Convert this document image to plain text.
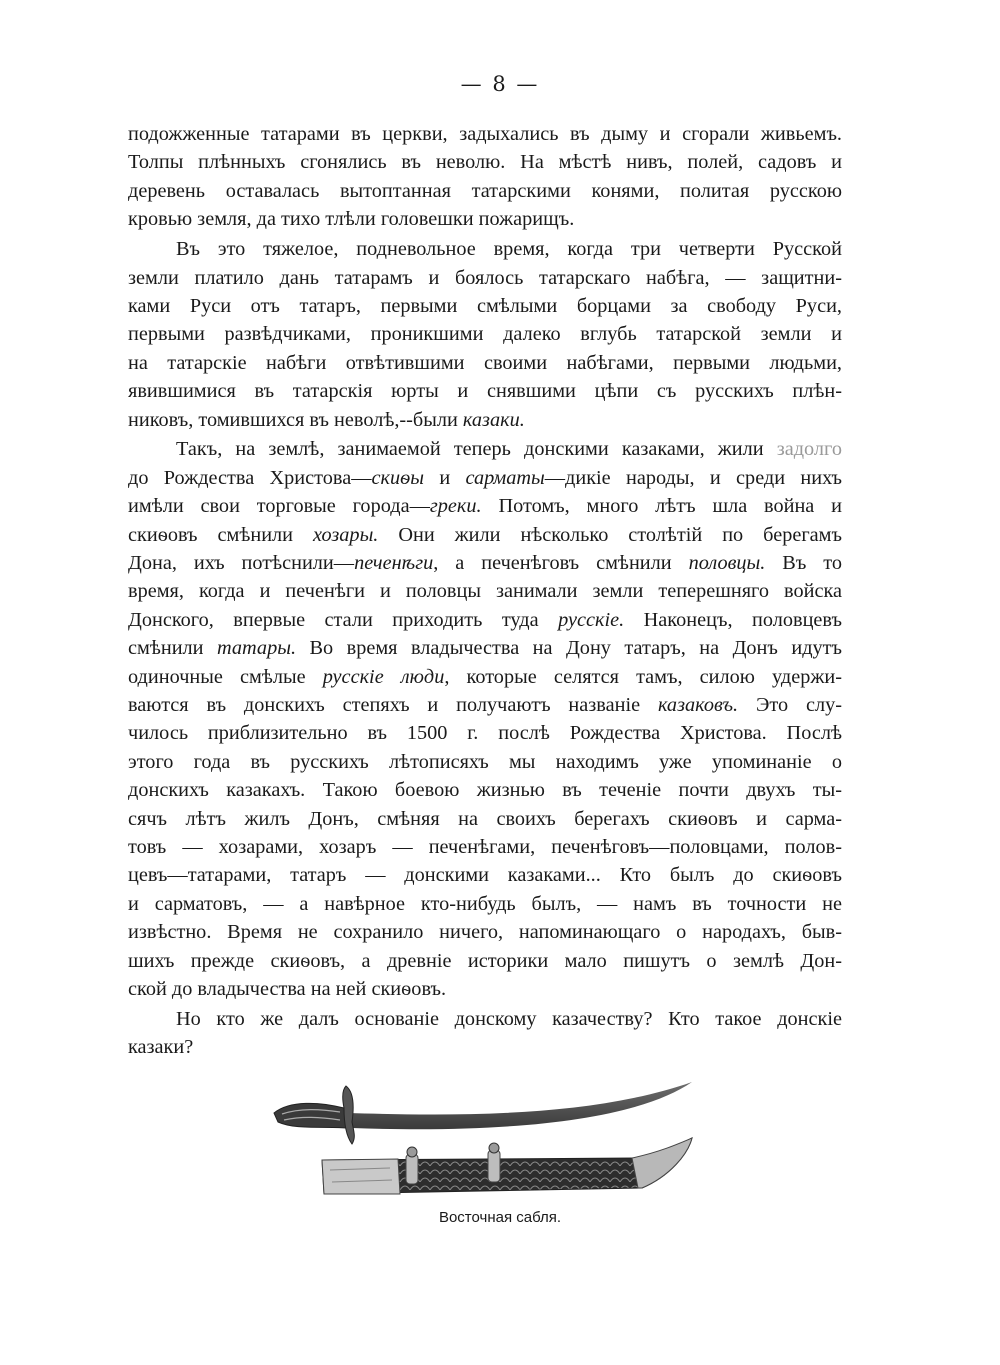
— 8 —
подожженные татарами въ церкви, задыхались въ дыму и сгорали живьемъ.
Толпы плѣнныхъ сгонялись въ неволю. На мѣстѣ нивъ, полей, садовъ и
деревень оставалась вытоптанная татарскими конями, политая русскою
кровью земля, да тихо тлѣли головешки пожарищъ.
Въ это тяжелое, подневольное время, когда три четверти Русской
земли платило дань татарамъ и боялось татарскаго набѣга, — защитни-
ками Руси отъ татаръ, первыми смѣлыми борцами за свободу Руси,
первыми развѣдчиками, проникшими далеко вглубь татарской земли и
на татарскіе набѣги отвѣтившими своими набѣгами, первыми людьми,
явившимися въ татарскія юрты и снявшими цѣпи съ русскихъ плѣн-
никовъ, томившихся въ неволѣ,--были казаки.
Такъ, на землѣ, занимаемой теперь донскими казаками, жили задолго
до Рождества Христова—скиѳы и сарматы—дикіе народы, и среди нихъ
имѣли свои торговые города—греки. Потомъ, много лѣтъ шла война и
скиѳовъ смѣнили хозары. Они жили нѣсколько столѣтій по берегамъ
Дона, ихъ потѣснили—печенѣги, а печенѣговъ смѣнили половцы. Въ то
время, когда и печенѣги и половцы занимали земли теперешняго войска
Донского, впервые стали приходить туда русскіе. Наконецъ, половцевъ
смѣнили татары. Во время владычества на Дону татаръ, на Донъ идутъ
одиночные смѣлые русскіе люди, которые селятся тамъ, силою удержи-
ваются въ донскихъ степяхъ и получаютъ названіе казаковъ. Это слу-
чилось приблизительно въ 1500 г. послѣ Рождества Христова. Послѣ
этого года въ русскихъ лѣтописяхъ мы находимъ уже упоминаніе о
донскихъ казакахъ. Такою боевою жизнью въ теченіе почти двухъ ты-
сячъ лѣтъ жилъ Донъ, смѣняя на своихъ берегахъ скиѳовъ и сарма-
товъ — хозарами, хозаръ — печенѣгами, печенѣговъ—половцами, полов-
цевъ—татарами, татаръ — донскими казаками... Кто былъ до скиѳовъ
и сарматовъ, — а навѣрное кто-нибудь былъ, — намъ въ точности не
извѣстно. Время не сохранило ничего, напоминающаго о народахъ, быв-
шихъ прежде скиѳовъ, а древніе историки мало пишутъ о землѣ Дон-
ской до владычества на ней скиѳовъ.
Но кто же далъ основаніе донскому казачеству? Кто такое донскіе
казаки?
Восточная сабля.
